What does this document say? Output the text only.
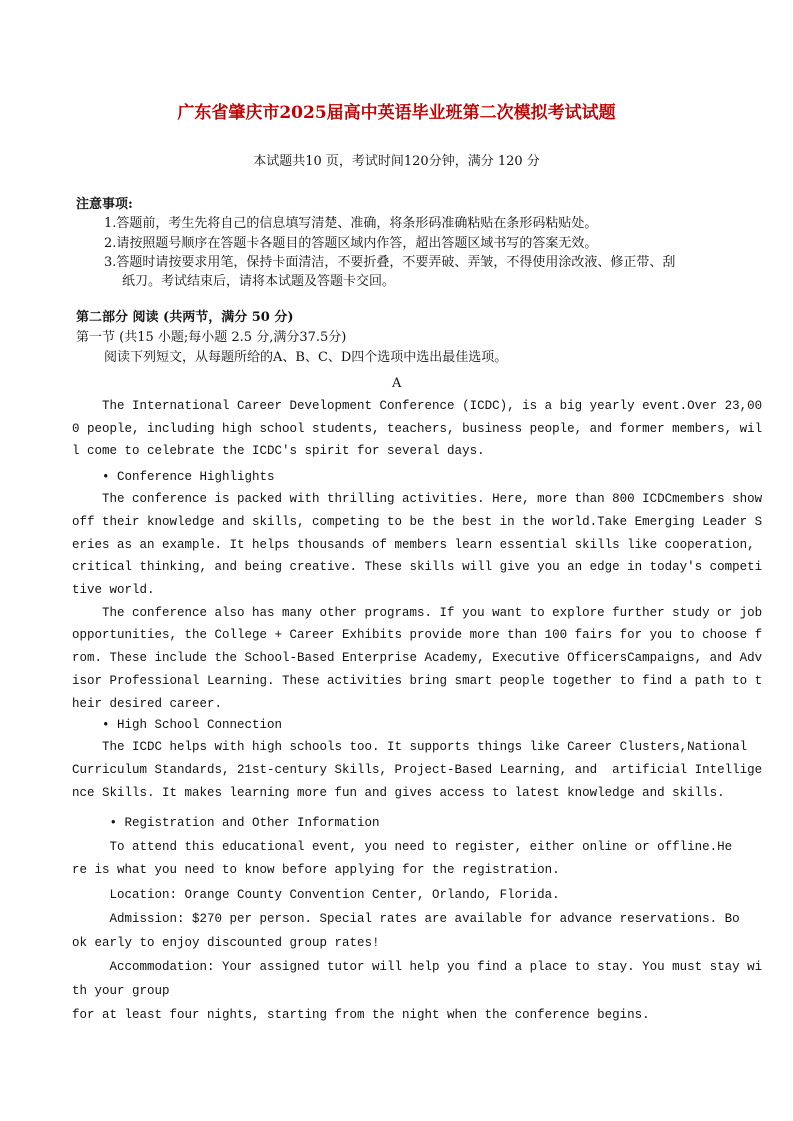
广东省肇庆市2025届高中英语毕业班第二次模拟考试试题
本试题共10 页，考试时间120分钟，满分 120 分
注意事项:
1.答题前，考生先将自己的信息填写清楚、准确，将条形码准确粘贴在条形码粘贴处。
2.请按照题号顺序在答题卡各题目的答题区域内作答，超出答题区域书写的答案无效。
3.答题时请按要求用笔，保持卡面清洁，不要折叠，不要弄破、弄皱，不得使用涂改液、修正带、刮
纸刀。考试结束后，请将本试题及答题卡交回。
第二部分 阅读 (共两节，满分 50 分)
第一节 (共15 小题;每小题 2.5 分,满分37.5分)
阅读下列短文，从每题所给的A、B、C、D四个选项中选出最佳选项。
A
The International Career Development Conference (ICDC), is a big yearly event.Over 23,00
0 people, including high school students, teachers, business people, and former members, wil
l come to celebrate the ICDC's spirit for several days.
• Conference Highlights
The conference is packed with thrilling activities. Here, more than 800 ICDCmembers show
off their knowledge and skills, competing to be the best in the world.Take Emerging Leader S
eries as an example. It helps thousands of members learn essential skills like cooperation,
critical thinking, and being creative. These skills will give you an edge in today's competi
tive world.
The conference also has many other programs. If you want to explore further study or job
opportunities, the College + Career Exhibits provide more than 100 fairs for you to choose f
rom. These include the School-Based Enterprise Academy, Executive OfficersCampaigns, and Adv
isor Professional Learning. These activities bring smart people together to find a path to t
heir desired career.
• High School Connection
The ICDC helps with high schools too. It supports things like Career Clusters,National
Curriculum Standards, 21st-century Skills, Project-Based Learning, and  artificial Intellige
nce Skills. It makes learning more fun and gives access to latest knowledge and skills.
• Registration and Other Information
To attend this educational event, you need to register, either online or offline.He
re is what you need to know before applying for the registration.
Location: Orange County Convention Center, Orlando, Florida.
Admission: $270 per person. Special rates are available for advance reservations. Bo
ok early to enjoy discounted group rates!
Accommodation: Your assigned tutor will help you find a place to stay. You must stay wi
th your group
for at least four nights, starting from the night when the conference begins.
